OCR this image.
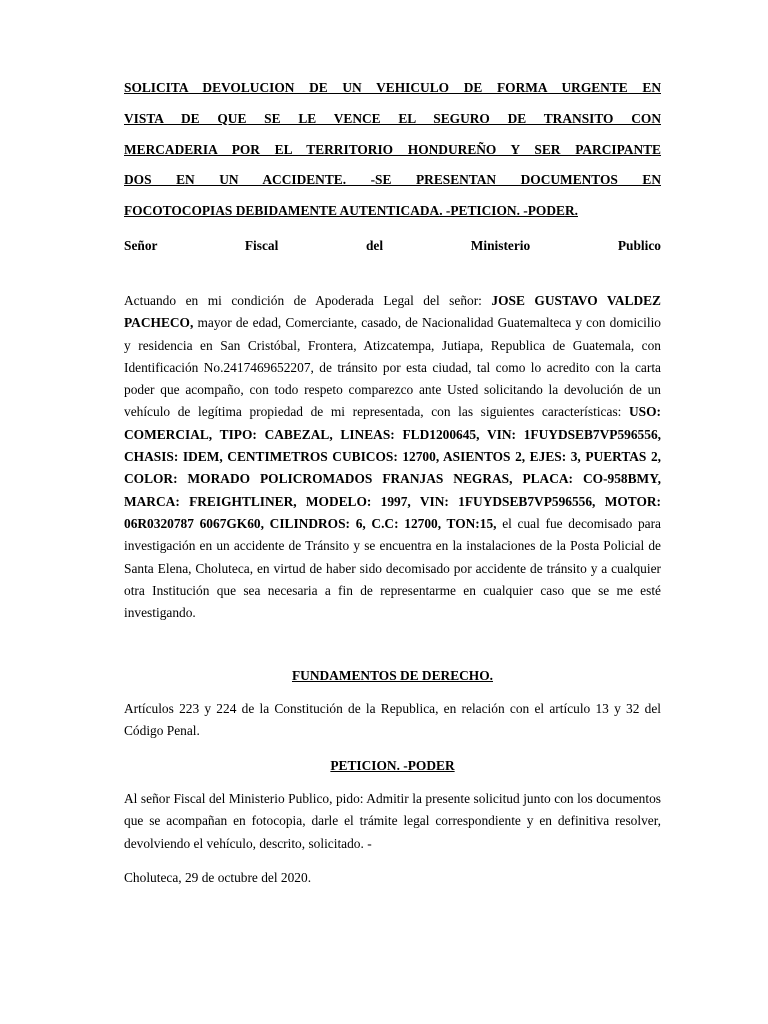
SOLICITA DEVOLUCION DE UN VEHICULO DE FORMA URGENTE EN
VISTA DE QUE SE LE VENCE EL SEGURO DE TRANSITO CON
MERCADERIA POR EL TERRITORIO HONDUREÑO Y SER PARCIPANTE
DOS EN UN ACCIDENTE. -SE PRESENTAN DOCUMENTOS EN
FOCOTOCOPIAS DEBIDAMENTE AUTENTICADA. -PETICION. -PODER.
Señor Fiscal del Ministerio Publico
Actuando en mi condición de Apoderada Legal del señor: JOSE GUSTAVO VALDEZ PACHECO, mayor de edad, Comerciante, casado, de Nacionalidad Guatemalteca y con domicilio y residencia en San Cristóbal, Frontera, Atizcatempa, Jutiapa, Republica de Guatemala, con Identificación No.2417469652207, de tránsito por esta ciudad, tal como lo acredito con la carta poder que acompaño, con todo respeto comparezco ante Usted solicitando la devolución de un vehículo de legítima propiedad de mi representada, con las siguientes características: USO: COMERCIAL, TIPO: CABEZAL, LINEAS: FLD1200645, VIN: 1FUYDSEB7VP596556, CHASIS: IDEM, CENTIMETROS CUBICOS: 12700, ASIENTOS 2, EJES: 3, PUERTAS 2, COLOR: MORADO POLICROMADOS FRANJAS NEGRAS, PLACA: CO-958BMY, MARCA: FREIGHTLINER, MODELO: 1997, VIN: 1FUYDSEB7VP596556, MOTOR: 06R0320787 6067GK60, CILINDROS: 6, C.C: 12700, TON:15, el cual fue decomisado para investigación en un accidente de Tránsito y se encuentra en la instalaciones de la Posta Policial de Santa Elena, Choluteca, en virtud de haber sido decomisado por accidente de tránsito y a cualquier otra Institución que sea necesaria a fin de representarme en cualquier caso que se me esté investigando.
FUNDAMENTOS DE DERECHO.
Artículos 223 y 224 de la Constitución de la Republica, en relación con el artículo 13 y 32 del Código Penal.
PETICION. -PODER
Al señor Fiscal del Ministerio Publico, pido: Admitir la presente solicitud junto con los documentos que se acompañan en fotocopia, darle el trámite legal correspondiente y en definitiva resolver, devolviendo el vehículo, descrito, solicitado. -
Choluteca, 29 de octubre del 2020.
